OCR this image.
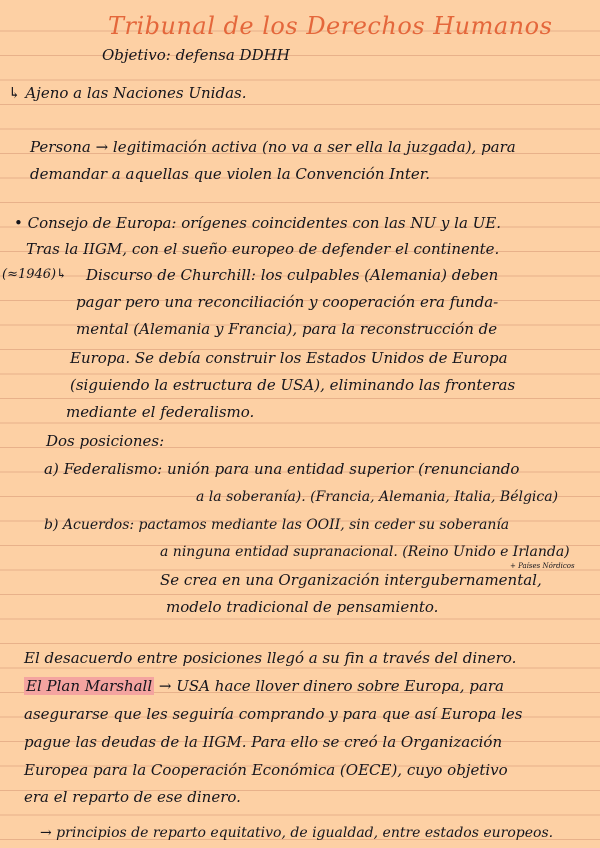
Tribunal de los Derechos Humanos
Objetivo: defensa DDHH
↳ Ajeno a las Naciones Unidas.
Persona → legitimación activa (no va a ser ella la juzgada), para
demandar a aquellas que violen la Convención Inter.
• Consejo de Europa: orígenes coincidentes con las NU y la UE.
Tras la IIGM, con el sueño europeo de defender el continente.
(≈1946)↳ Discurso de Churchill: los culpables (Alemania) deben
pagar pero una reconciliación y cooperación era funda-
mental (Alemania y Francia), para la reconstrucción de
Europa. Se debía construir los Estados Unidos de Europa
(siguiendo la estructura de USA), eliminando las fronteras
mediante el federalismo.
Dos posiciones:
a) Federalismo: unión para una entidad superior (renunciando
a la soberanía). (Francia, Alemania, Italia, Bélgica)
b) Acuerdos: pactamos mediante las OOII, sin ceder su soberanía
a ninguna entidad supranacional. (Reino Unido e Irlanda)
+ Países Nórdicos
Se crea en una Organización intergubernamental,
modelo tradicional de pensamiento.
El desacuerdo entre posiciones llegó a su fin a través del dinero.
El Plan Marshall → USA hace llover dinero sobre Europa, para
asegurarse que les seguiría comprando y para que así Europa les
pague las deudas de la IIGM. Para ello se creó la Organización
Europea para la Cooperación Económica (OECE), cuyo objetivo
era el reparto de ese dinero.
→ principios de reparto equitativo, de igualdad, entre estados europeos.
